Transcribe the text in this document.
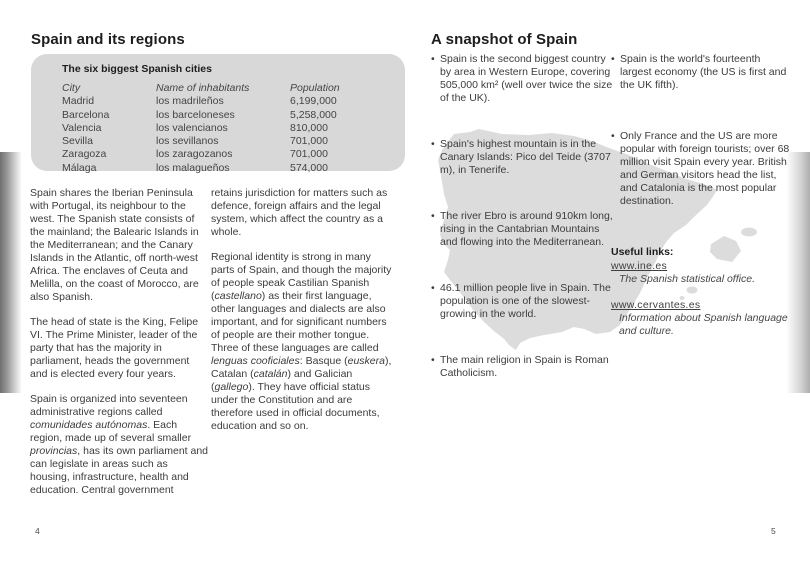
Spain and its regions
The six biggest Spanish cities
City	Name of inhabitants	Population
Madrid	los madrileños	6,199,000
Barcelona	los barceloneses	5,258,000
Valencia	los valencianos	810,000
Sevilla	los sevillanos	701,000
Zaragoza	los zaragozanos	701,000
Málaga	los malagueños	574,000

Spain shares the Iberian Peninsula with Portugal, its neighbour to the west. The Spanish state consists of the mainland; the Balearic Islands in the Mediterranean; and the Canary Islands in the Atlantic, off north-west Africa. The enclaves of Ceuta and Melilla, on the coast of Morocco, are also Spanish.

The head of state is the King, Felipe VI. The Prime Minister, leader of the party that has the majority in parliament, heads the government and is elected every four years.

Spain is organized into seventeen administrative regions called comunidades autónomas. Each region, made up of several smaller provincias, has its own parliament and can legislate in areas such as housing, infrastructure, health and education. Central government

retains jurisdiction for matters such as defence, foreign affairs and the legal system, which affect the country as a whole.

Regional identity is strong in many parts of Spain, and though the majority of people speak Castilian Spanish (castellano) as their first language, other languages and dialects are also important, and for significant numbers of people are their mother tongue. Three of these languages are called lenguas cooficiales: Basque (euskera), Catalan (catalán) and Galician (gallego). They have official status under the Constitution and are therefore used in official documents, education and so on.

4
A snapshot of Spain
• Spain is the second biggest country by area in Western Europe, covering 505,000 km² (well over twice the size of the UK).
• Spain's highest mountain is in the Canary Islands: Pico del Teide (3707 m), in Tenerife.
• The river Ebro is around 910km long, rising in the Cantabrian Mountains and flowing into the Mediterranean.
• 46.1 million people live in Spain. The population is one of the slowest-growing in the world.
• The main religion in Spain is Roman Catholicism.
• Spain is the world's fourteenth largest economy (the US is first and the UK fifth).
• Only France and the US are more popular with foreign tourists; over 68 million visit Spain every year. British and German visitors head the list, and Catalonia is the most popular destination.
Useful links:
www.ine.es
The Spanish statistical office.
www.cervantes.es
Information about Spanish language and culture.
5
